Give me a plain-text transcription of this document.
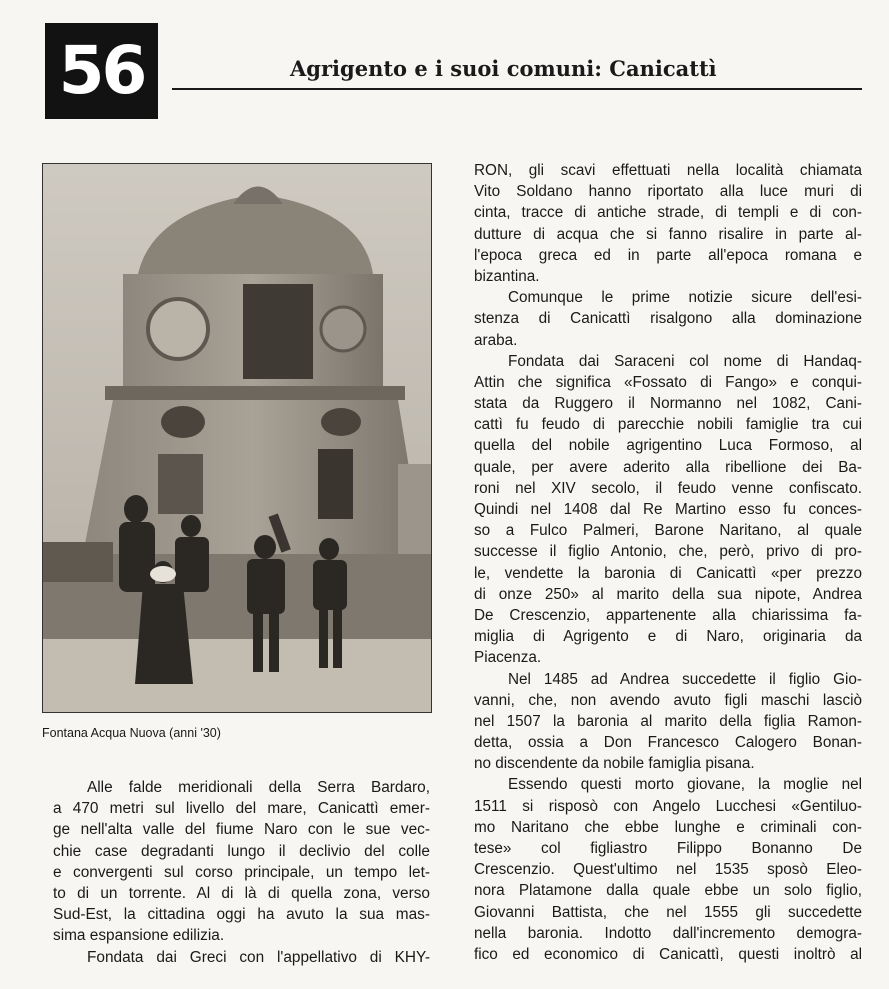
56	Agrigento e i suoi comuni: Canicattì
Fontana Acqua Nuova (anni '30)
Alle falde meridionali della Serra Bardaro,
a 470 metri sul livello del mare, Canicattì emer-
ge nell'alta valle del fiume Naro con le sue vec-
chie case degradanti lungo il declivio del colle
e convergenti sul corso principale, un tempo let-
to di un torrente. Al di là di quella zona, verso
Sud-Est, la cittadina oggi ha avuto la sua mas-
sima espansione edilizia.
Fondata dai Greci con l'appellativo di KHY-
RON, gli scavi effettuati nella località chiamata
Vito Soldano hanno riportato alla luce muri di
cinta, tracce di antiche strade, di templi e di con-
dutture di acqua che si fanno risalire in parte al-
l'epoca greca ed in parte all'epoca romana e
bizantina.
Comunque le prime notizie sicure dell'esi-
stenza di Canicattì risalgono alla dominazione
araba.
Fondata dai Saraceni col nome di Handaq-
Attin che significa «Fossato di Fango» e conqui-
stata da Ruggero il Normanno nel 1082, Cani-
cattì fu feudo di parecchie nobili famiglie tra cui
quella del nobile agrigentino Luca Formoso, al
quale, per avere aderito alla ribellione dei Ba-
roni nel XIV secolo, il feudo venne confiscato.
Quindi nel 1408 dal Re Martino esso fu conces-
so a Fulco Palmeri, Barone Naritano, al quale
successe il figlio Antonio, che, però, privo di pro-
le, vendette la baronia di Canicattì «per prezzo
di onze 250» al marito della sua nipote, Andrea
De Crescenzio, appartenente alla chiarissima fa-
miglia di Agrigento e di Naro, originaria da
Piacenza.
Nel 1485 ad Andrea succedette il figlio Gio-
vanni, che, non avendo avuto figli maschi lasciò
nel 1507 la baronia al marito della figlia Ramon-
detta, ossia a Don Francesco Calogero Bonan-
no discendente da nobile famiglia pisana.
Essendo questi morto giovane, la moglie nel
1511 si risposò con Angelo Lucchesi «Gentiluo-
mo Naritano che ebbe lunghe e criminali con-
tese» col figliastro Filippo Bonanno De
Crescenzio. Quest'ultimo nel 1535 sposò Eleo-
nora Platamone dalla quale ebbe un solo figlio,
Giovanni Battista, che nel 1555 gli succedette
nella baronia. Indotto dall'incremento demogra-
fico ed economico di Canicattì, questi inoltrò al
